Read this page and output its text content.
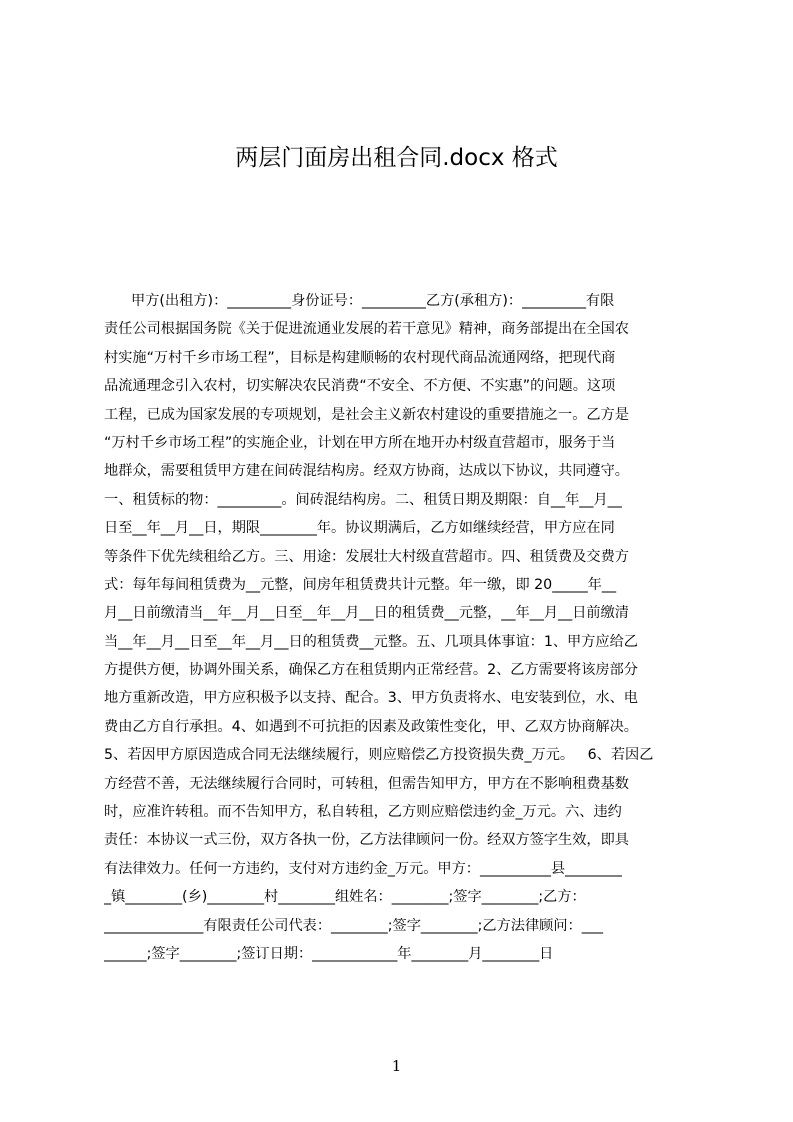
两层门面房出租合同.docx 格式
甲方(出租方)：_________身份证号：_________乙方(承租方)：_________有限
责任公司根据国务院《关于促进流通业发展的若干意见》精神，商务部提出在全国农
村实施“万村千乡市场工程”，目标是构建顺畅的农村现代商品流通网络，把现代商
品流通理念引入农村，切实解决农民消费“不安全、不方便、不实惠”的问题。这项
工程，已成为国家发展的专项规划，是社会主义新农村建设的重要措施之一。乙方是
“万村千乡市场工程”的实施企业，计划在甲方所在地开办村级直营超市，服务于当
地群众，需要租赁甲方建在间砖混结构房。经双方协商，达成以下协议，共同遵守。
一、租赁标的物：_________。间砖混结构房。二、租赁日期及期限：自__年__月__
日至__年__月__日，期限________年。协议期满后，乙方如继续经营，甲方应在同
等条件下优先续租给乙方。三、用途：发展壮大村级直营超市。四、租赁费及交费方
式：每年每间租赁费为__元整，间房年租赁费共计元整。年一缴，即 20_____年__
月__日前缴清当__年__月__日至__年__月__日的租赁费__元整，__年__月__日前缴清
当__年__月__日至__年__月__日的租赁费__元整。五、几项具体事谊：1、甲方应给乙
方提供方便，协调外围关系，确保乙方在租赁期内正常经营。2、乙方需要将该房部分
地方重新改造，甲方应积极予以支持、配合。3、甲方负责将水、电安装到位，水、电
费由乙方自行承担。4、如遇到不可抗拒的因素及政策性变化，甲、乙双方协商解决。
5、若因甲方原因造成合同无法继续履行，则应赔偿乙方投资损失费_万元。   6、若因乙
方经营不善，无法继续履行合同时，可转租，但需告知甲方，甲方在不影响租费基数
时，应准许转租。而不告知甲方，私自转租，乙方则应赔偿违约金_万元。六、违约
责任：本协议一式三份，双方各执一份，乙方法律顾问一份。经双方签字生效，即具
有法律效力。任何一方违约，支付对方违约金_万元。甲方：__________县________
_镇________(乡)________村________组姓名：________;签字________;乙方：
______________有限责任公司代表：________;签字________;乙方法律顾问：___
______;签字________;签订日期：____________年________月________日
1
